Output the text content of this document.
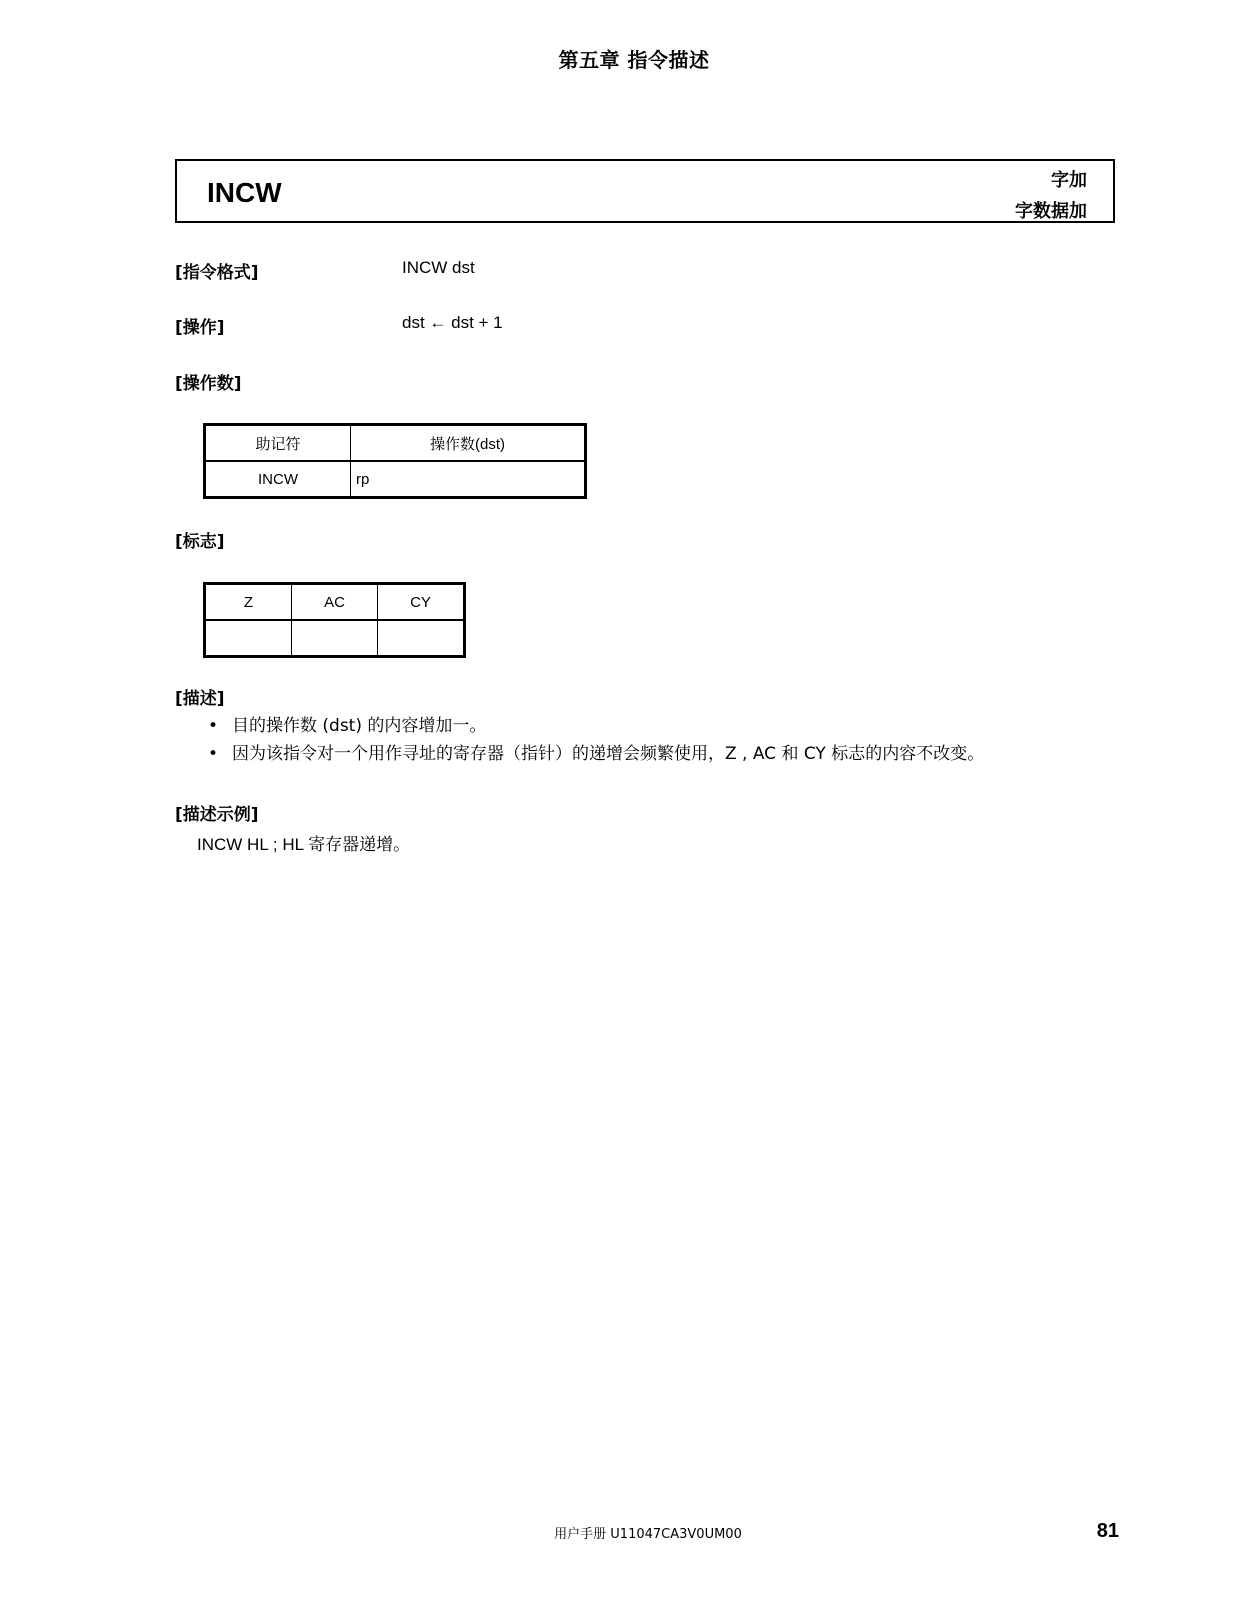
第五章 指令描述
INCW	字加
字数据加
[指令格式]	INCW dst
[操作]	dst ← dst + 1
[操作数]
助记符	操作数(dst)
INCW	rp
[标志]
Z	AC	CY

[描述]
• 目的操作数 (dst) 的内容增加一。
• 因为该指令对一个用作寻址的寄存器（指针）的递增会频繁使用，Z , AC 和 CY 标志的内容不改变。
[描述示例]
INCW HL ; HL 寄存器递增。
用户手册 U11047CA3V0UM00	81
